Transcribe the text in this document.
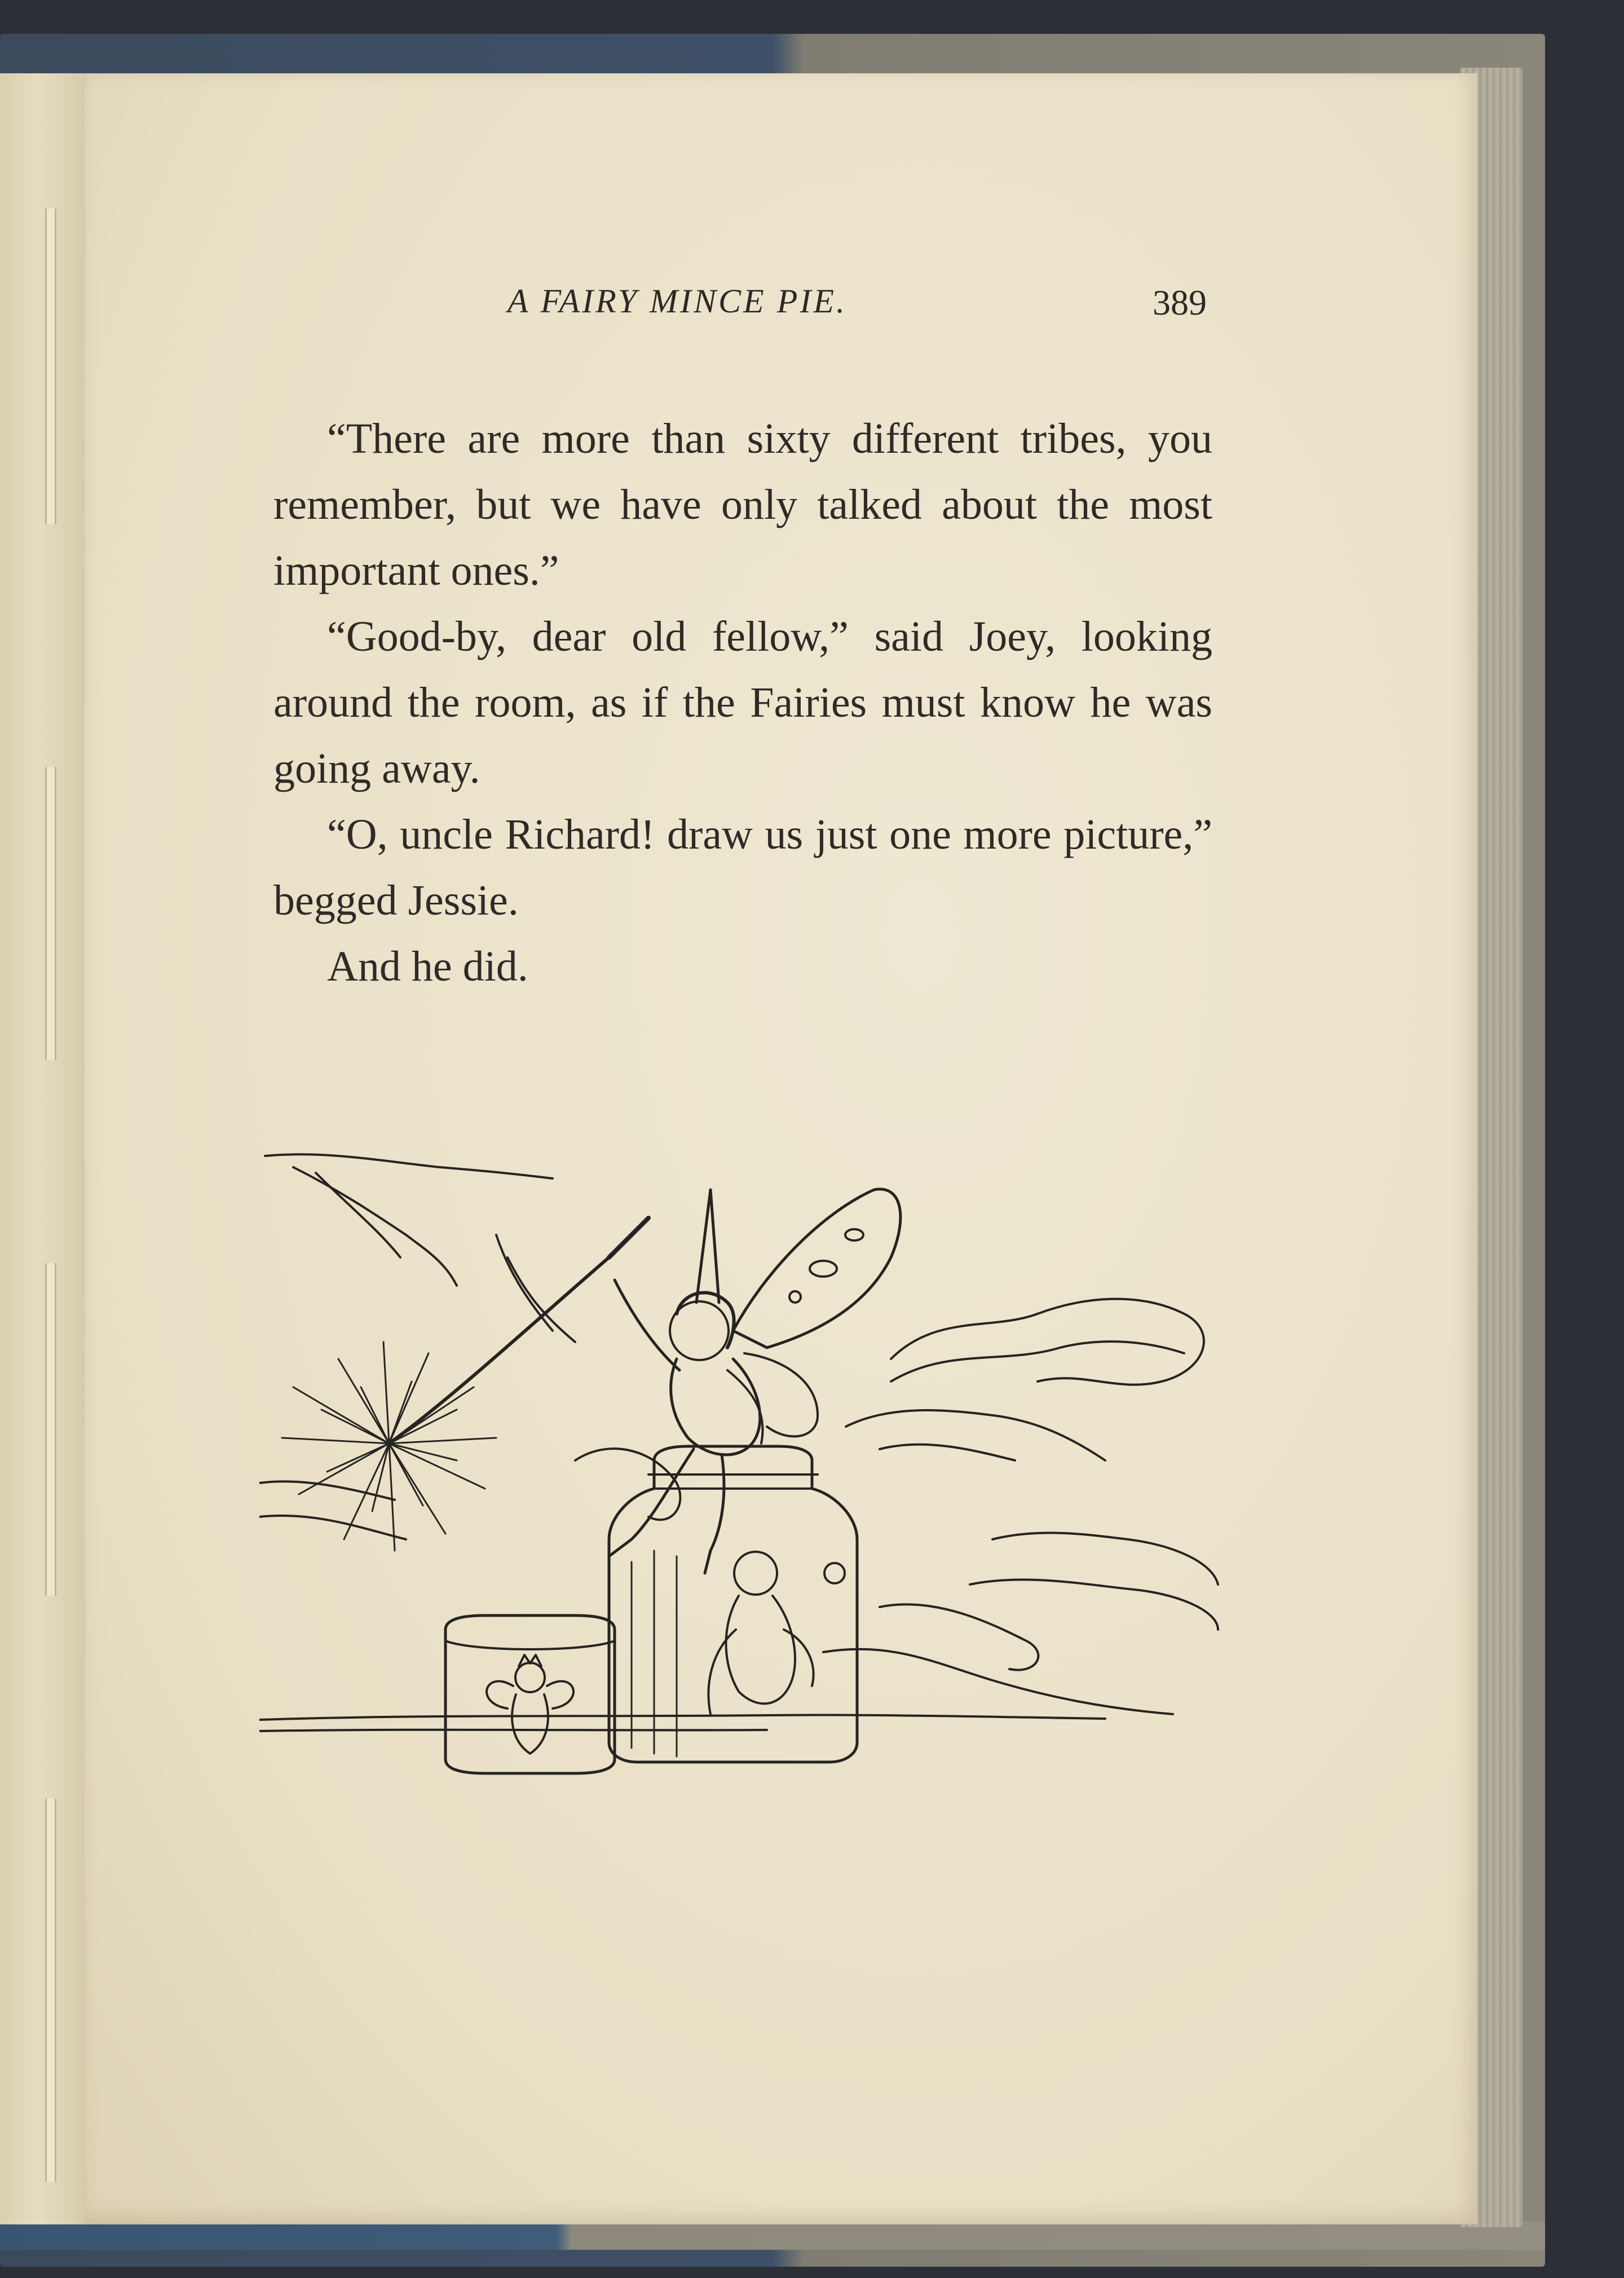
A FAIRY MINCE PIE.	389

“There are more than sixty different tribes, you remember, but we have only talked about the most important ones.”

“Good-by, dear old fellow,” said Joey, looking around the room, as if the Fairies must know he was going away.

“O, uncle Richard! draw us just one more picture,” begged Jessie.

And he did.
